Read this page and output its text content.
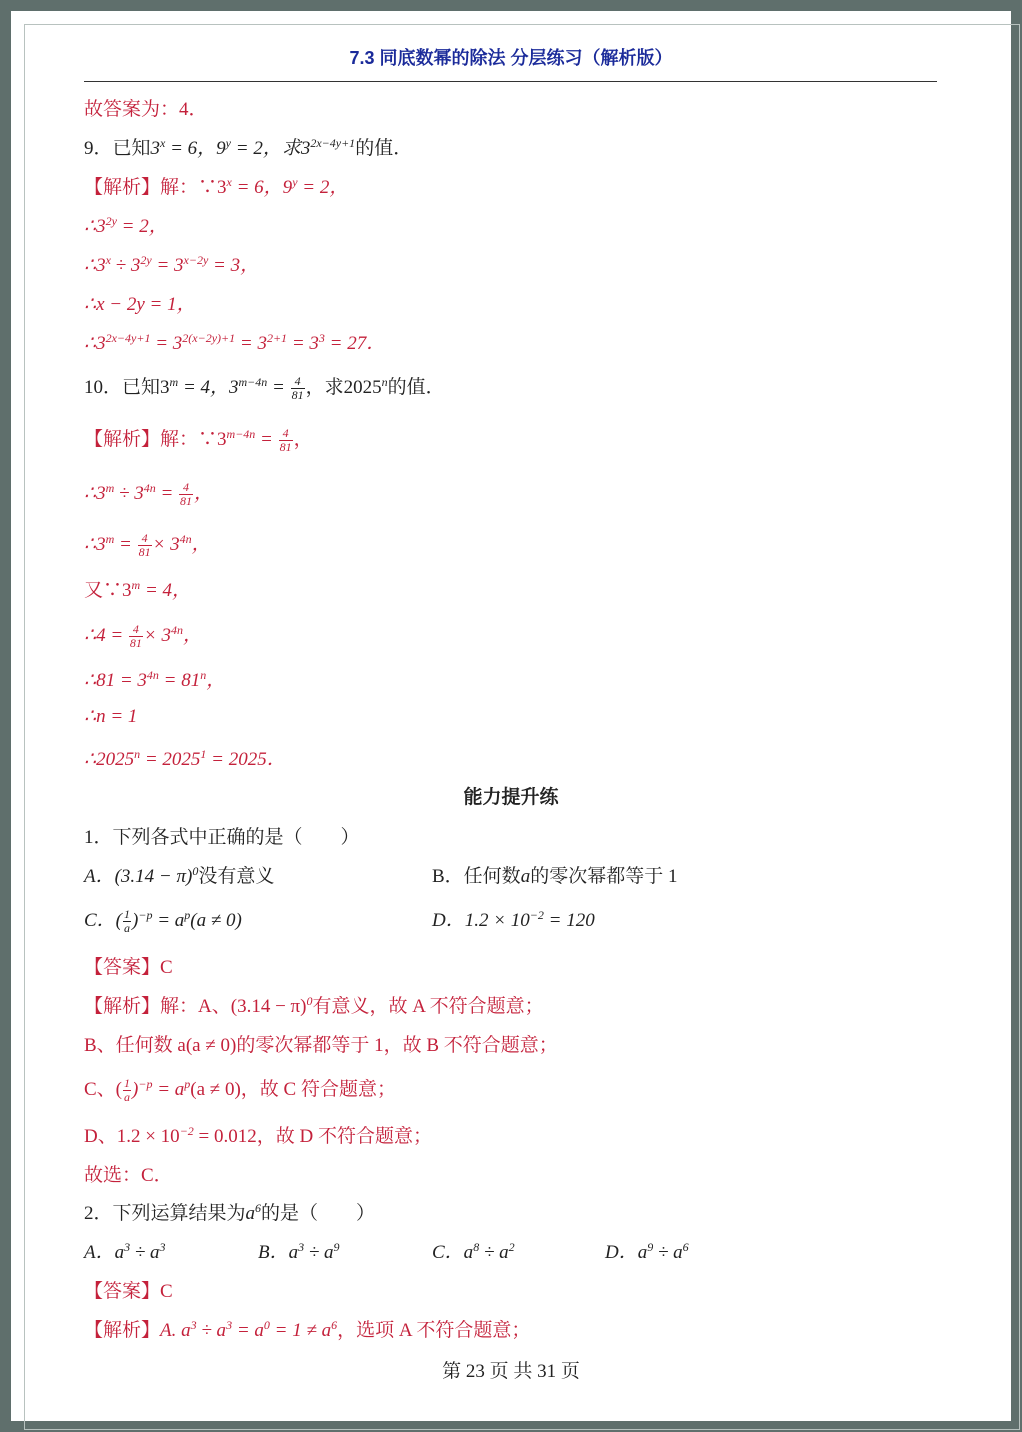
7.3 同底数幂的除法 分层练习（解析版）
故答案为：4．
9．已知$3^x = 6$，$9^y = 2$，求$3^{2x-4y+1}$的值．
【解析】解：$\because 3^x = 6$，$9^y = 2$，
$\therefore 3^{2y} = 2$，
$\therefore 3^x \div 3^{2y} = 3^{x-2y} = 3$，
∴x − 2y = 1，
$\therefore 3^{2x-4y+1} = 3^{2(x-2y)+1} = 3^{2+1} = 3^3 = 27$．
10．已知$3^m = 4$，$3^{m-4n} = \frac{4}{81}$ ，求2025$^n$的值．
【解析】解：$\because 3^{m-4n} = \frac{4}{81}$ ，
$\therefore 3^m \div 3^{4n} = \frac{4}{81}$ ，
$\therefore 3^m = \frac{4}{81} \times 3^{4n}$，
又$\because 3^m = 4$，
∴4 = $\frac{4}{81} \times 3^{4n}$，
∴81 = $3^{4n} = 81^n$，
∴n = 1
$\therefore 2025^n = 2025^1 = 2025$．
能力提升练
1．下列各式中正确的是（　　）
A．$(3.14 - \pi)^0$没有意义	B．任何数a的零次幂都等于 1
C．( $\frac{1}{a} )^{-p} = a^p(a \ne 0)$	D．$1.2 \times 10^{-2} = 120$
【答案】C
【解析】解：A、$(3.14 - \pi)^0$有意义，故 A 不符合题意；
B、任何数 a(a ≠ 0)的零次幂都等于 1，故 B 不符合题意；
C、( $\frac{1}{a} )^{-p} = a^p(a \ne 0)$，故 C 符合题意；
D、$1.2 \times 10^{-2} = 0.012$，故 D 不符合题意；
故选：C．
2．下列运算结果为$a^6$的是（　　）
A．$a^3 \div a^3$	B．$a^3 \div a^9$	C．$a^8 \div a^2$	D．$a^9 \div a^6$
【答案】C
【解析】A. $a^3 \div a^3 = a^0 = 1 \ne a^6$，选项 A 不符合题意；
第 23 页 共 31 页
